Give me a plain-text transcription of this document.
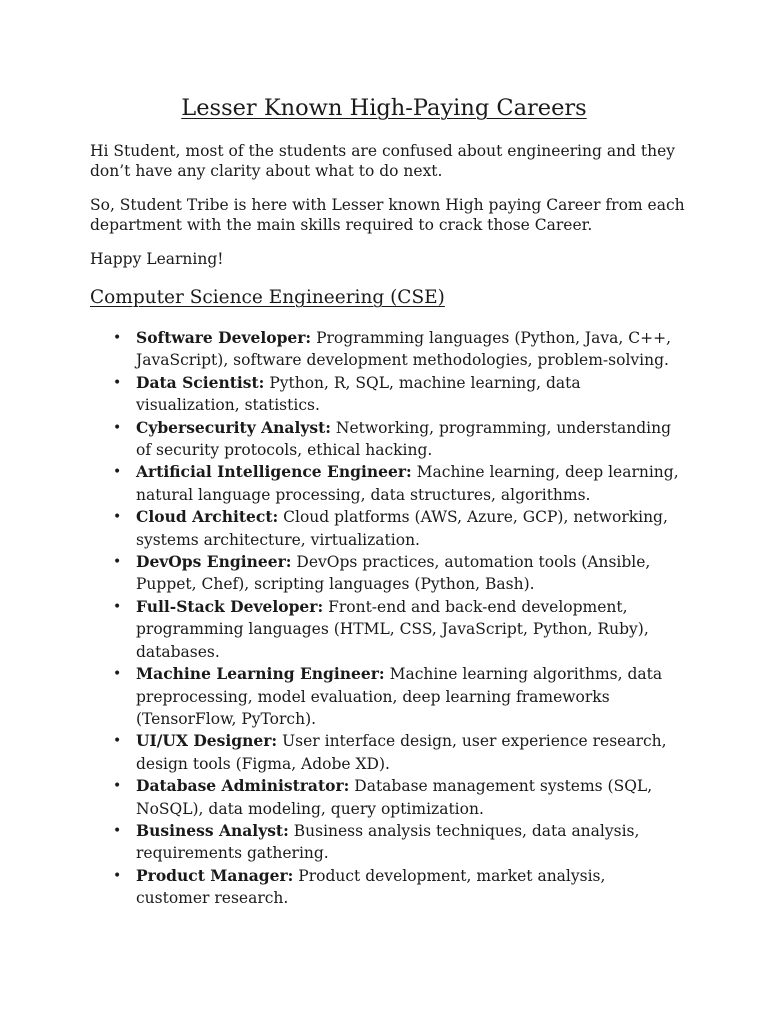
Lesser Known High-Paying Careers

Hi Student, most of the students are confused about engineering and they don’t have any clarity about what to do next.

So, Student Tribe is here with Lesser known High paying Career from each department with the main skills required to crack those Career.

Happy Learning!

Computer Science Engineering (CSE)
• Software Developer: Programming languages (Python, Java, C++, JavaScript), software development methodologies, problem-solving.
• Data Scientist: Python, R, SQL, machine learning, data visualization, statistics.
• Cybersecurity Analyst: Networking, programming, understanding of security protocols, ethical hacking.
• Artificial Intelligence Engineer: Machine learning, deep learning, natural language processing, data structures, algorithms.
• Cloud Architect: Cloud platforms (AWS, Azure, GCP), networking, systems architecture, virtualization.
• DevOps Engineer: DevOps practices, automation tools (Ansible, Puppet, Chef), scripting languages (Python, Bash).
• Full-Stack Developer: Front-end and back-end development, programming languages (HTML, CSS, JavaScript, Python, Ruby), databases.
• Machine Learning Engineer: Machine learning algorithms, data preprocessing, model evaluation, deep learning frameworks (TensorFlow, PyTorch).
• UI/UX Designer: User interface design, user experience research, design tools (Figma, Adobe XD).
• Database Administrator: Database management systems (SQL, NoSQL), data modeling, query optimization.
• Business Analyst: Business analysis techniques, data analysis, requirements gathering.
• Product Manager: Product development, market analysis, customer research.
